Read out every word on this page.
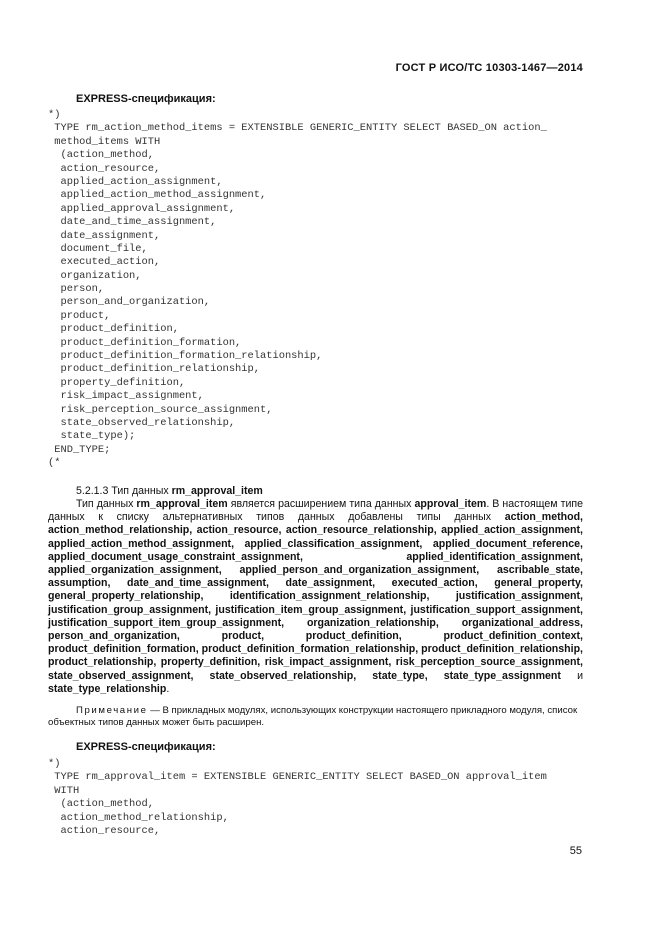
ГОСТ Р ИСО/ТС 10303-1467—2014
EXPRESS-спецификация:
*)
TYPE rm_action_method_items = EXTENSIBLE GENERIC_ENTITY SELECT BASED_ON action_
method_items WITH
(action_method,
action_resource,
applied_action_assignment,
applied_action_method_assignment,
applied_approval_assignment,
date_and_time_assignment,
date_assignment,
document_file,
executed_action,
organization,
person,
person_and_organization,
product,
product_definition,
product_definition_formation,
product_definition_formation_relationship,
product_definition_relationship,
property_definition,
risk_impact_assignment,
risk_perception_source_assignment,
state_observed_relationship,
state_type);
END_TYPE;
(*
5.2.1.3 Тип данных rm_approval_item

Тип данных rm_approval_item является расширением типа данных approval_item. В настоящем типе данных к списку альтернативных типов данных добавлены типы данных action_method, action_method_relationship, action_resource, action_resource_relationship, applied_action_assignment, applied_action_method_assignment, applied_classification_assignment, applied_document_reference, applied_document_usage_constraint_assignment, applied_identification_assignment, applied_organization_assignment, applied_person_and_organization_assignment, ascribable_state, assumption, date_and_time_assignment, date_assignment, executed_action, general_property, general_property_relationship, identification_assignment_relationship, justification_assignment, justification_group_assignment, justification_item_group_assignment, justification_support_assignment, justification_support_item_group_assignment, organization_relationship, organizational_address, person_and_organization, product, product_definition, product_definition_context, product_definition_formation, product_definition_formation_relationship, product_definition_relationship, product_relationship, property_definition, risk_impact_assignment, risk_perception_source_assignment, state_observed_assignment, state_observed_relationship, state_type, state_type_assignment и state_type_relationship.

Примечание — В прикладных модулях, использующих конструкции настоящего прикладного модуля, список объектных типов данных может быть расширен.

EXPRESS-спецификация:
*)
TYPE rm_approval_item = EXTENSIBLE GENERIC_ENTITY SELECT BASED_ON approval_item
WITH
(action_method,
action_method_relationship,
action_resource,
55
